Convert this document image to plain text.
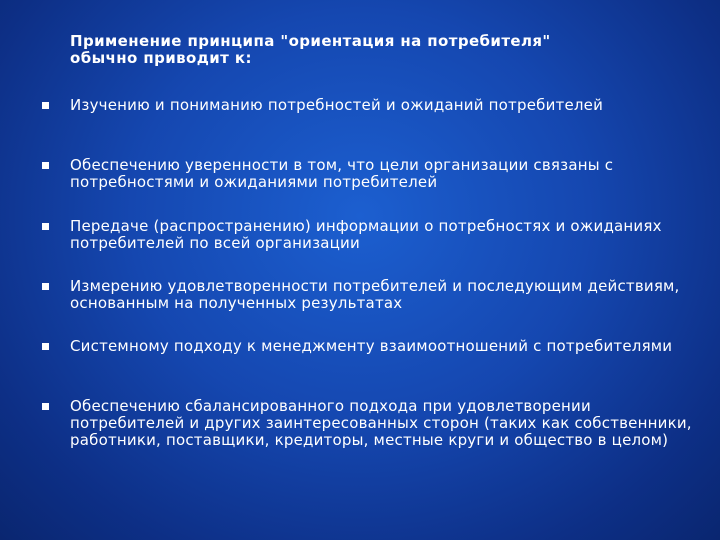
Применение принципа "ориентация на потребителя"
обычно приводит к:
Изучению и пониманию потребностей и ожиданий потребителей
Обеспечению уверенности в том, что цели организации связаны с потребностями и ожиданиями потребителей
Передаче (распространению) информации о потребностях и ожиданиях потребителей по всей организации
Измерению удовлетворенности потребителей и последующим действиям, основанным на полученных результатах
Системному подходу к менеджменту взаимоотношений с потребителями
Обеспечению сбалансированного подхода при удовлетворении потребителей и других заинтересованных сторон (таких как собственники, работники, поставщики, кредиторы, местные круги и общество в целом)
